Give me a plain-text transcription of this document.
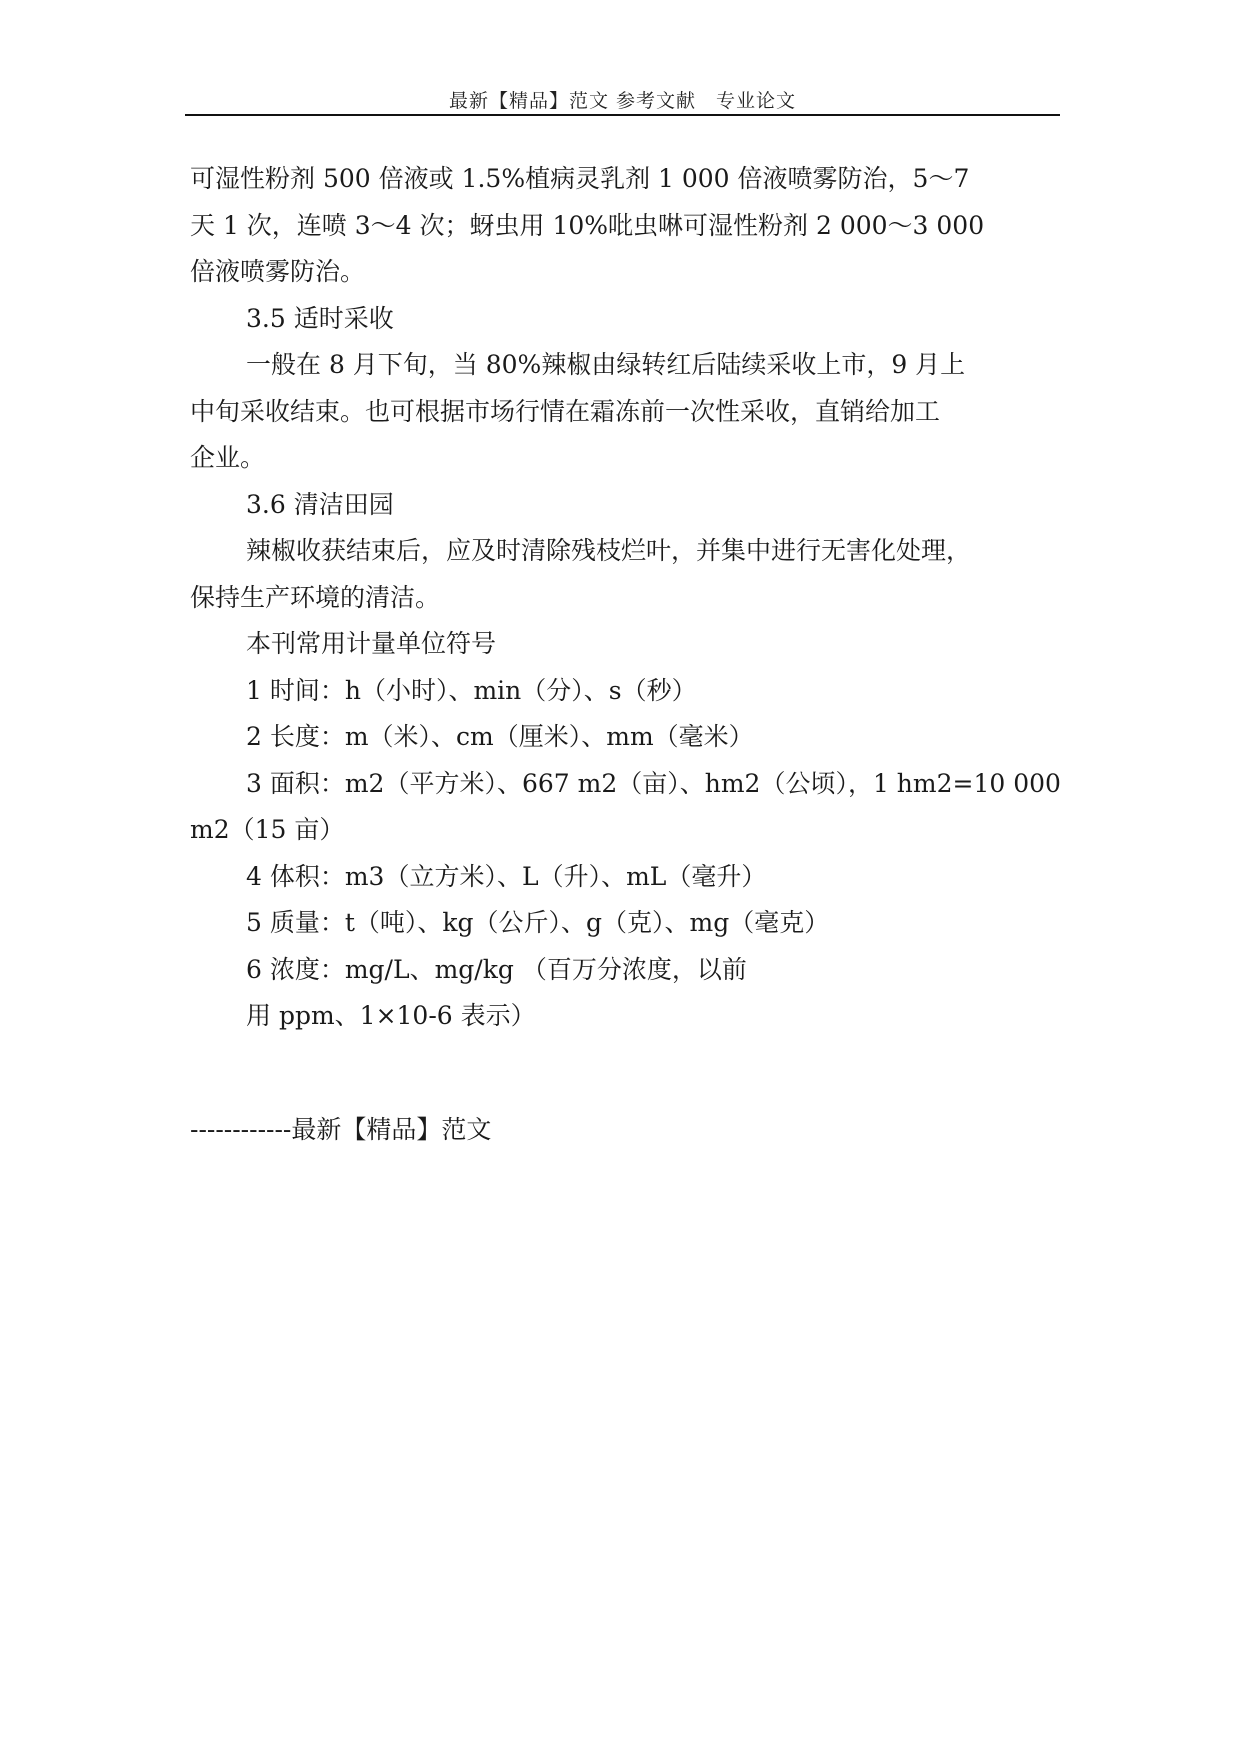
最新【精品】范文 参考文献　专业论文
可湿性粉剂 500 倍液或 1.5%植病灵乳剂 1 000 倍液喷雾防治，5～7
天 1 次，连喷 3～4 次；蚜虫用 10%吡虫啉可湿性粉剂 2 000～3 000
倍液喷雾防治。
3.5 适时采收
一般在 8 月下旬，当 80%辣椒由绿转红后陆续采收上市，9 月上
中旬采收结束。也可根据市场行情在霜冻前一次性采收，直销给加工
企业。
3.6 清洁田园
辣椒收获结束后，应及时清除残枝烂叶，并集中进行无害化处理，
保持生产环境的清洁。
本刊常用计量单位符号
1 时间：h（小时）、min（分）、s（秒）
2 长度：m（米）、cm（厘米）、mm（毫米）
3 面积：m2（平方米）、667 m2（亩）、hm2（公顷），1 hm2=10 000
m2（15 亩）
4 体积：m3（立方米）、L（升）、mL（毫升）
5 质量：t（吨）、kg（公斤）、g（克）、mg（毫克）
6 浓度：mg/L、mg/kg （百万分浓度，以前
用 ppm、1×10-6 表示）
------------最新【精品】范文
